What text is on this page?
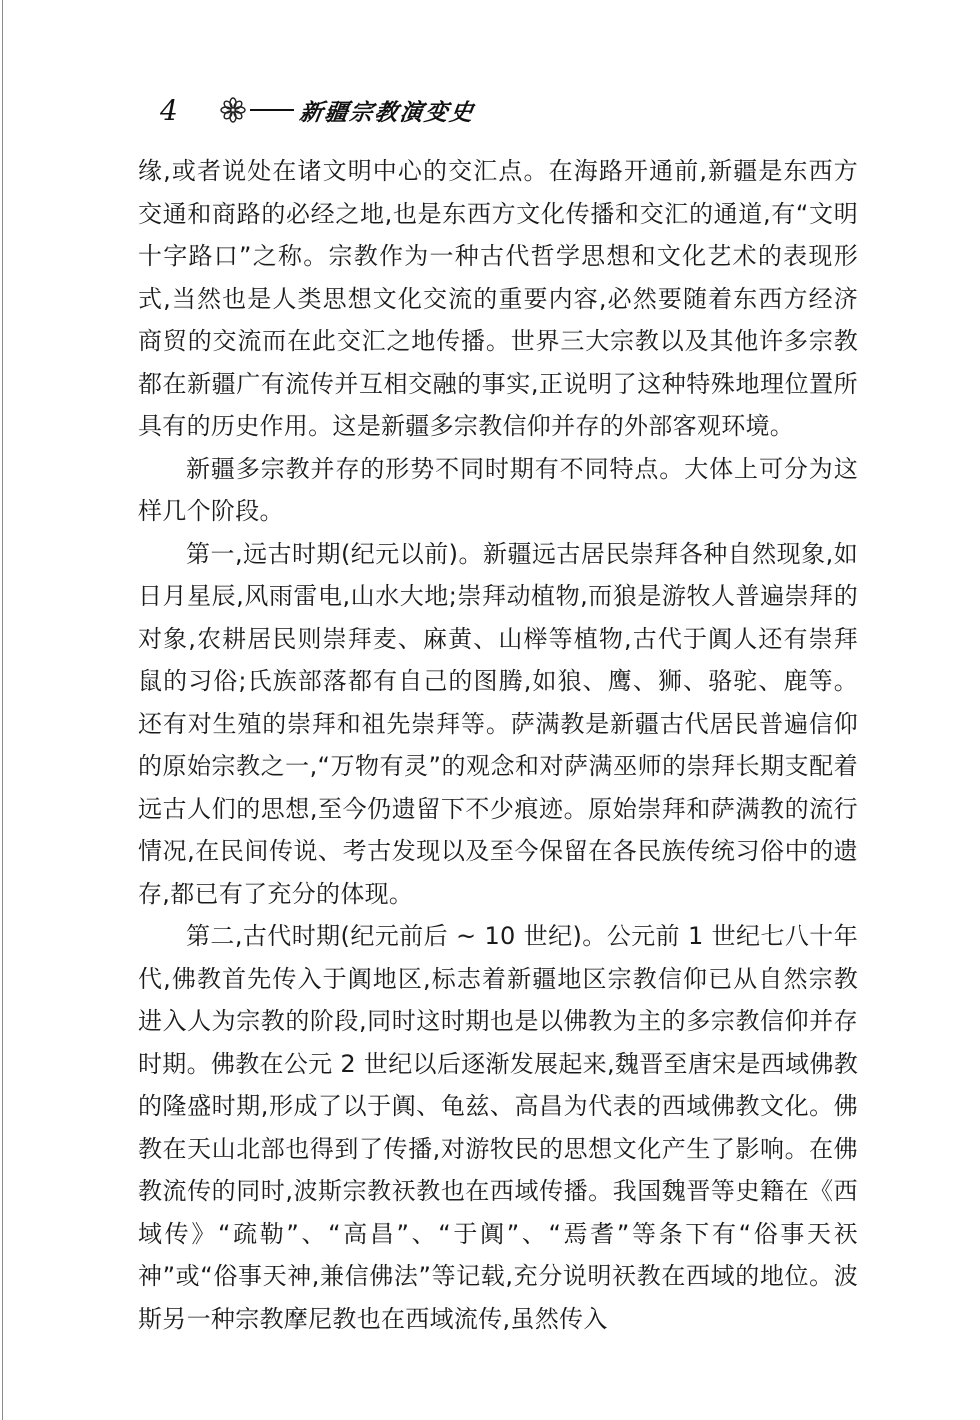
4	新疆宗教演变史

缘,或者说处在诸文明中心的交汇点。在海路开通前,新疆是东西方交通和商路的必经之地,也是东西方文化传播和交汇的通道,有“文明十字路口”之称。宗教作为一种古代哲学思想和文化艺术的表现形式,当然也是人类思想文化交流的重要内容,必然要随着东西方经济商贸的交流而在此交汇之地传播。世界三大宗教以及其他许多宗教都在新疆广有流传并互相交融的事实,正说明了这种特殊地理位置所具有的历史作用。这是新疆多宗教信仰并存的外部客观环境。

新疆多宗教并存的形势不同时期有不同特点。大体上可分为这样几个阶段。

第一,远古时期(纪元以前)。新疆远古居民崇拜各种自然现象,如日月星辰,风雨雷电,山水大地;崇拜动植物,而狼是游牧人普遍崇拜的对象,农耕居民则崇拜麦、麻黄、山榉等植物,古代于阗人还有崇拜鼠的习俗;氏族部落都有自己的图腾,如狼、鹰、狮、骆驼、鹿等。还有对生殖的崇拜和祖先崇拜等。萨满教是新疆古代居民普遍信仰的原始宗教之一,“万物有灵”的观念和对萨满巫师的崇拜长期支配着远古人们的思想,至今仍遗留下不少痕迹。原始崇拜和萨满教的流行情况,在民间传说、考古发现以及至今保留在各民族传统习俗中的遗存,都已有了充分的体现。

第二,古代时期(纪元前后 ~ 10 世纪)。公元前 1 世纪七八十年代,佛教首先传入于阗地区,标志着新疆地区宗教信仰已从自然宗教进入人为宗教的阶段,同时这时期也是以佛教为主的多宗教信仰并存时期。佛教在公元 2 世纪以后逐渐发展起来,魏晋至唐宋是西域佛教的隆盛时期,形成了以于阗、龟兹、高昌为代表的西域佛教文化。佛教在天山北部也得到了传播,对游牧民的思想文化产生了影响。在佛教流传的同时,波斯宗教祆教也在西域传播。我国魏晋等史籍在《西域传》“疏勒”、“高昌”、“于阗”、“焉耆”等条下有“俗事天祆神”或“俗事天神,兼信佛法”等记载,充分说明祆教在西域的地位。波斯另一种宗教摩尼教也在西域流传,虽然传入
